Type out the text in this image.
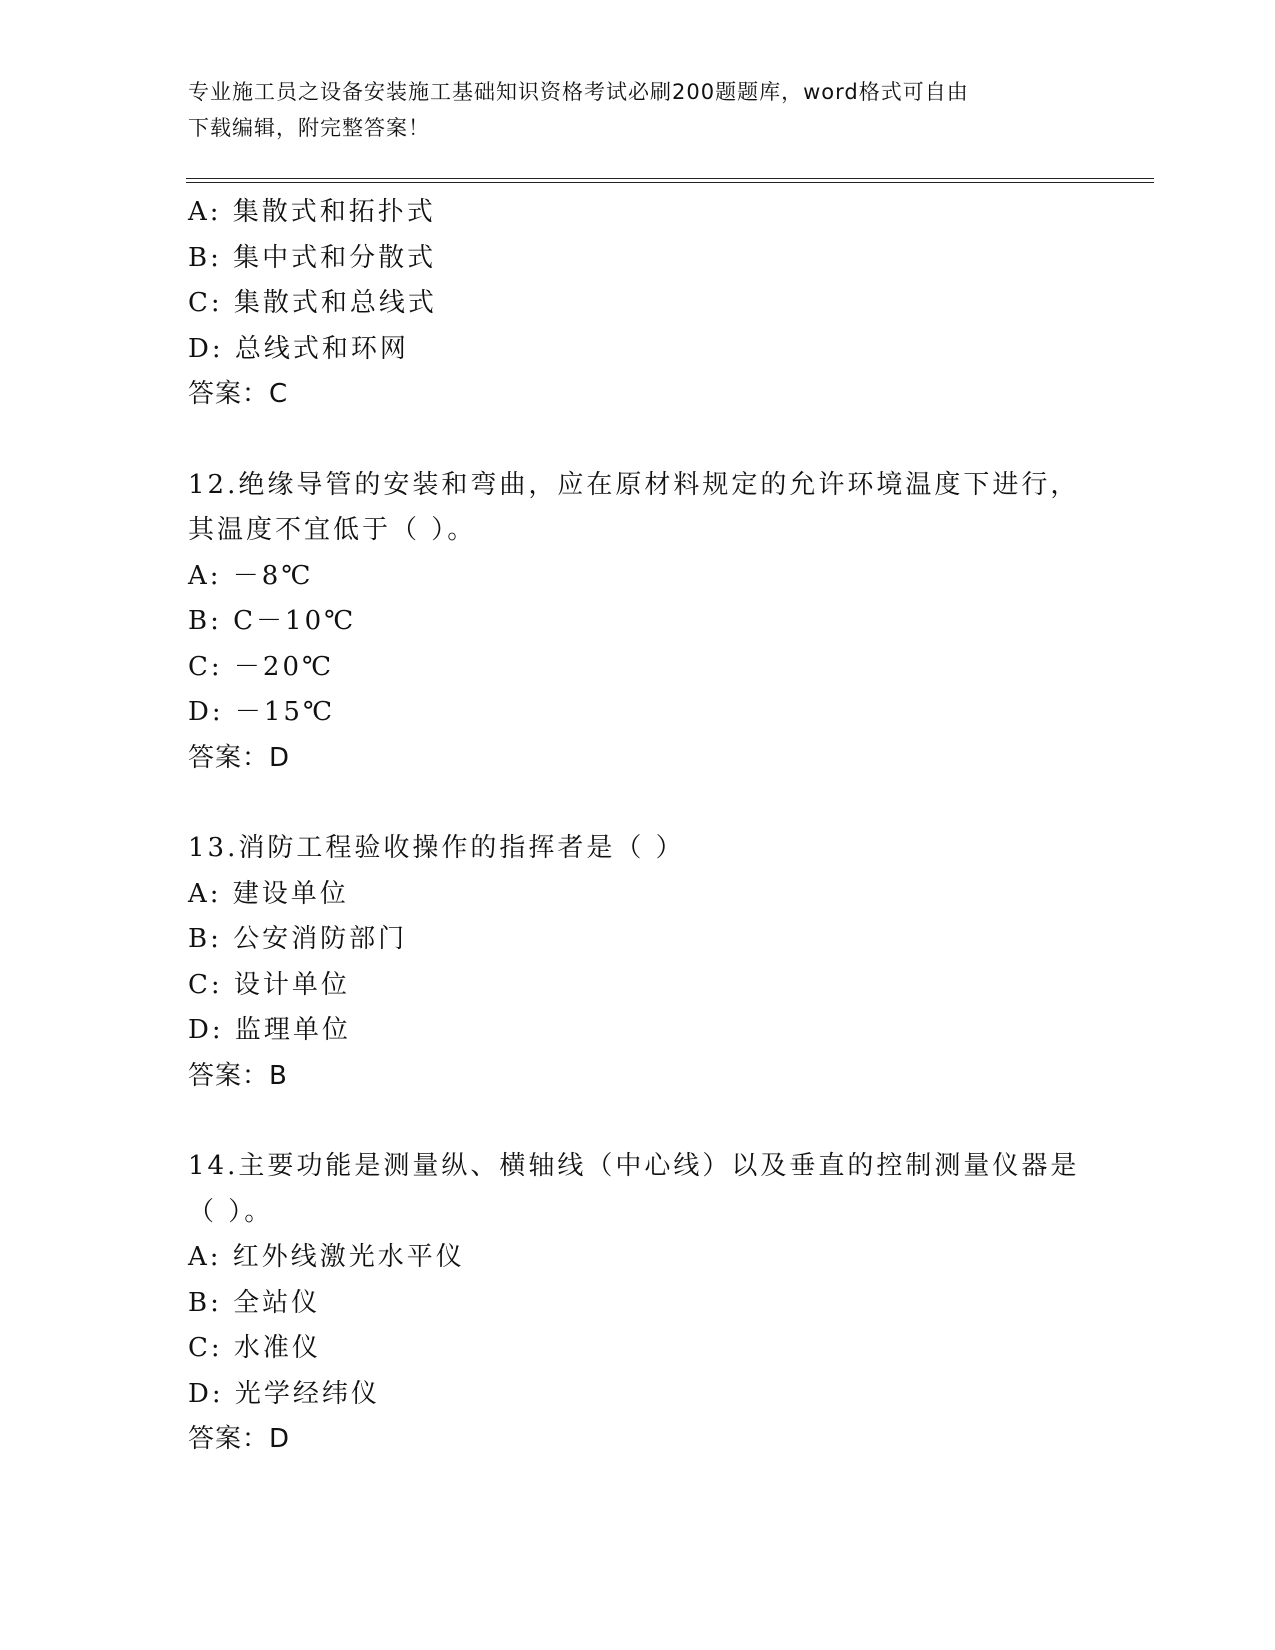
专业施工员之设备安装施工基础知识资格考试必刷200题题库，word格式可自由
下载编辑，附完整答案！
A: 集散式和拓扑式
B: 集中式和分散式
C: 集散式和总线式
D: 总线式和环网
答案：C
12.绝缘导管的安装和弯曲，应在原材料规定的允许环境温度下进行，
其温度不宜低于（ ）。
A: －8℃
B: C－10℃
C: －20℃
D: －15℃
答案：D
13.消防工程验收操作的指挥者是（ ）
A: 建设单位
B: 公安消防部门
C: 设计单位
D: 监理单位
答案：B
14.主要功能是测量纵、横轴线（中心线）以及垂直的控制测量仪器是
（ ）。
A: 红外线激光水平仪
B: 全站仪
C: 水准仪
D: 光学经纬仪
答案：D
